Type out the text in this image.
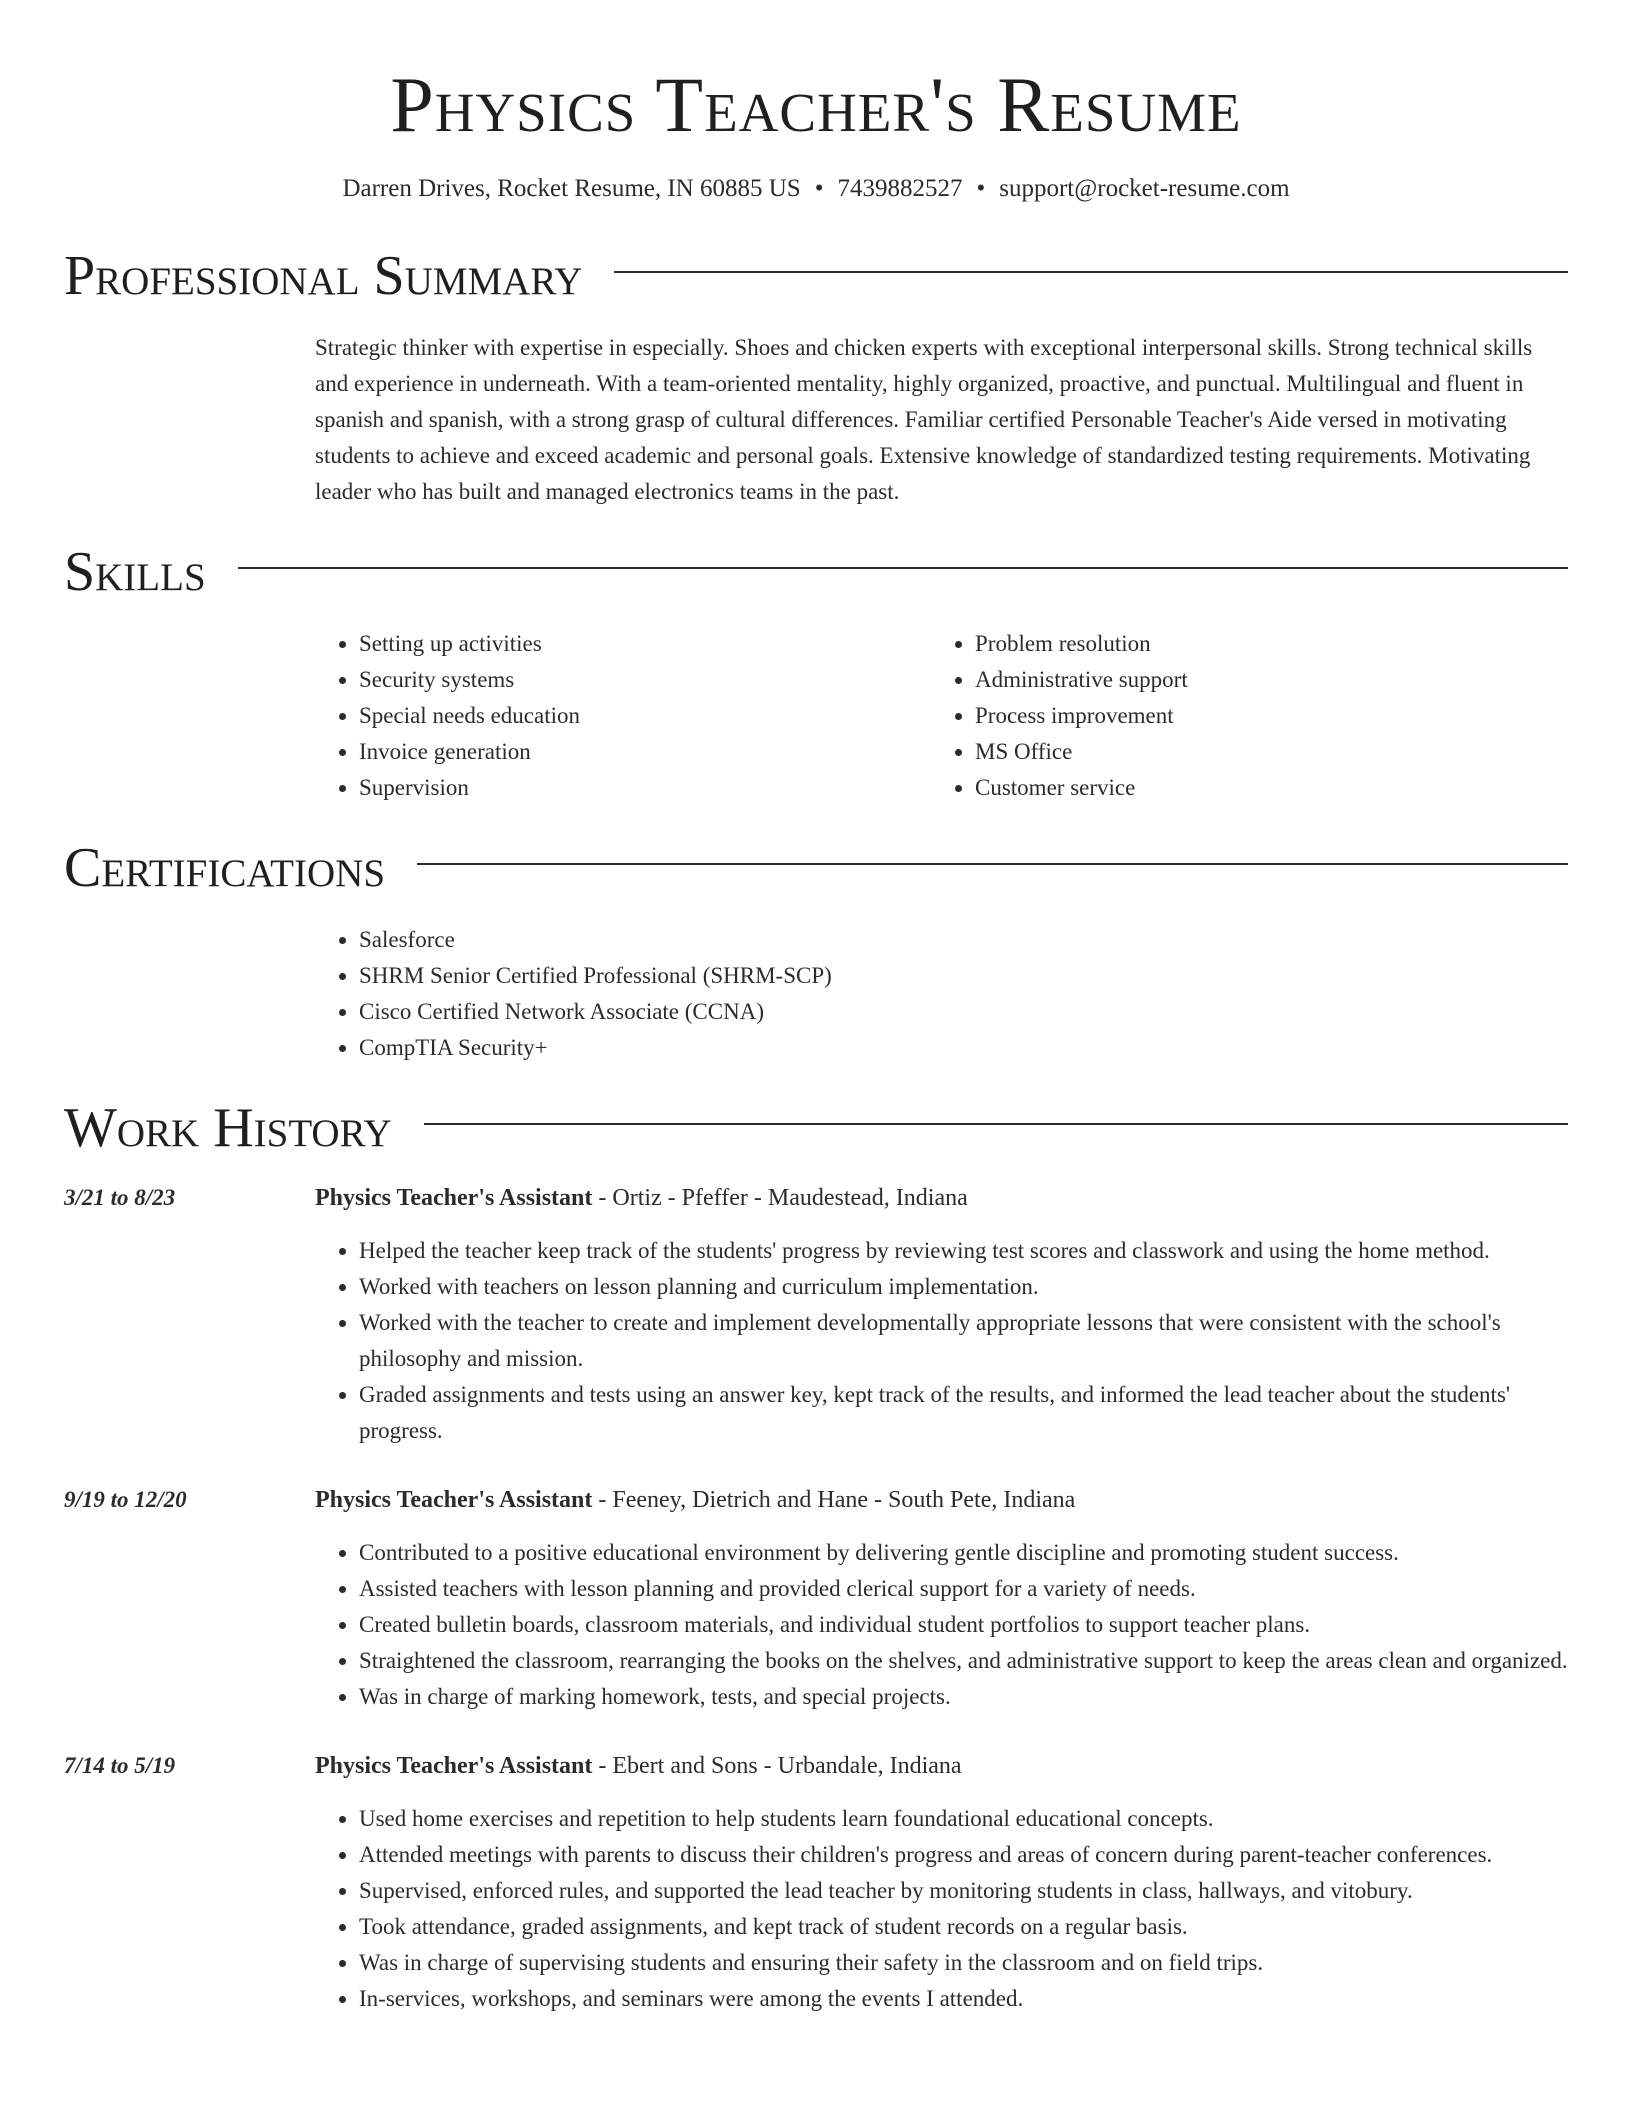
Physics Teacher's Resume
Darren Drives, Rocket Resume, IN 60885 US • 7439882527 • support@rocket-resume.com
Professional Summary
Strategic thinker with expertise in especially. Shoes and chicken experts with exceptional interpersonal skills. Strong technical skills and experience in underneath. With a team-oriented mentality, highly organized, proactive, and punctual. Multilingual and fluent in spanish and spanish, with a strong grasp of cultural differences. Familiar certified Personable Teacher's Aide versed in motivating students to achieve and exceed academic and personal goals. Extensive knowledge of standardized testing requirements. Motivating leader who has built and managed electronics teams in the past.
Skills
• Setting up activities
• Security systems
• Special needs education
• Invoice generation
• Supervision
• Problem resolution
• Administrative support
• Process improvement
• MS Office
• Customer service
Certifications
• Salesforce
• SHRM Senior Certified Professional (SHRM-SCP)
• Cisco Certified Network Associate (CCNA)
• CompTIA Security+
Work History
3/21 to 8/23	Physics Teacher's Assistant - Ortiz - Pfeffer - Maudestead, Indiana
• Helped the teacher keep track of the students' progress by reviewing test scores and classwork and using the home method.
• Worked with teachers on lesson planning and curriculum implementation.
• Worked with the teacher to create and implement developmentally appropriate lessons that were consistent with the school's philosophy and mission.
• Graded assignments and tests using an answer key, kept track of the results, and informed the lead teacher about the students' progress.
9/19 to 12/20	Physics Teacher's Assistant - Feeney, Dietrich and Hane - South Pete, Indiana
• Contributed to a positive educational environment by delivering gentle discipline and promoting student success.
• Assisted teachers with lesson planning and provided clerical support for a variety of needs.
• Created bulletin boards, classroom materials, and individual student portfolios to support teacher plans.
• Straightened the classroom, rearranging the books on the shelves, and administrative support to keep the areas clean and organized.
• Was in charge of marking homework, tests, and special projects.
7/14 to 5/19	Physics Teacher's Assistant - Ebert and Sons - Urbandale, Indiana
• Used home exercises and repetition to help students learn foundational educational concepts.
• Attended meetings with parents to discuss their children's progress and areas of concern during parent-teacher conferences.
• Supervised, enforced rules, and supported the lead teacher by monitoring students in class, hallways, and vitobury.
• Took attendance, graded assignments, and kept track of student records on a regular basis.
• Was in charge of supervising students and ensuring their safety in the classroom and on field trips.
• In-services, workshops, and seminars were among the events I attended.
